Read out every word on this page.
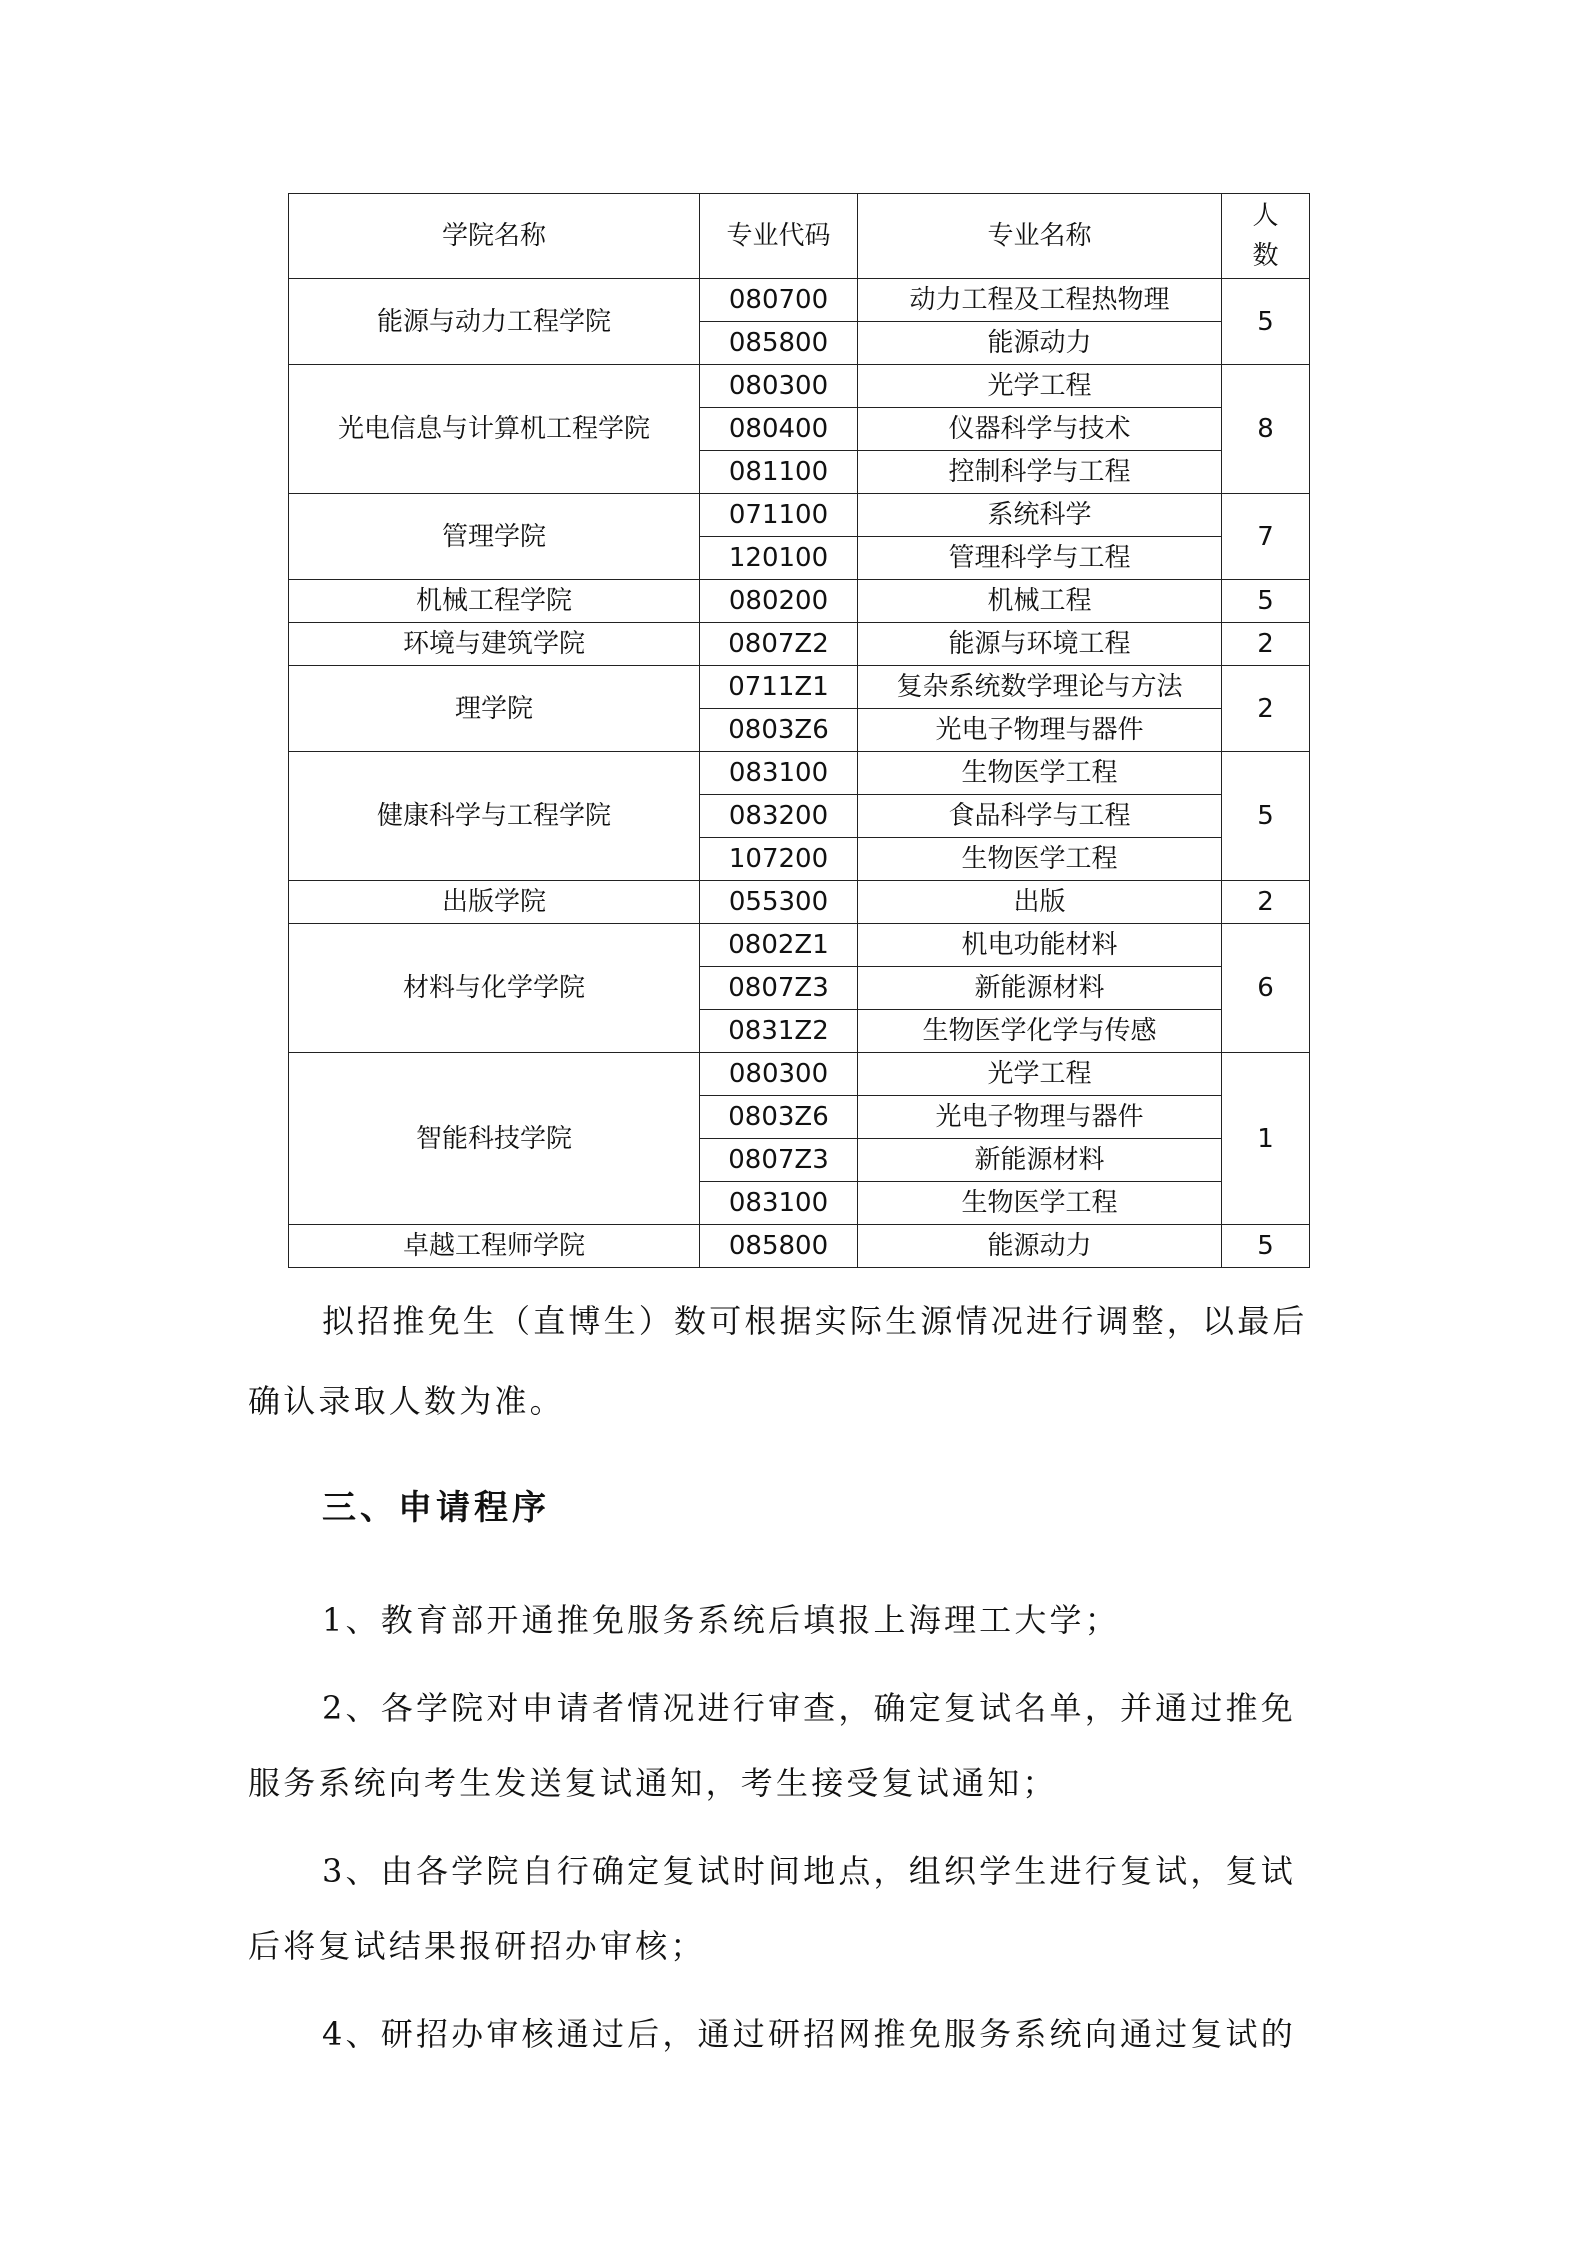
学院名称	专业代码	专业名称	人数
能源与动力工程学院	080700	动力工程及工程热物理	5
	085800	能源动力	
光电信息与计算机工程学院	080300	光学工程	8
	080400	仪器科学与技术	
	081100	控制科学与工程	
管理学院	071100	系统科学	7
	120100	管理科学与工程	
机械工程学院	080200	机械工程	5
环境与建筑学院	0807Z2	能源与环境工程	2
理学院	0711Z1	复杂系统数学理论与方法	2
	0803Z6	光电子物理与器件	
健康科学与工程学院	083100	生物医学工程	5
	083200	食品科学与工程	
	107200	生物医学工程	
出版学院	055300	出版	2
材料与化学学院	0802Z1	机电功能材料	6
	0807Z3	新能源材料	
	0831Z2	生物医学化学与传感	
智能科技学院	080300	光学工程	1
	0803Z6	光电子物理与器件	
	0807Z3	新能源材料	
	083100	生物医学工程	
卓越工程师学院	085800	能源动力	5
拟招推免生（直博生）数可根据实际生源情况进行调整，以最后
确认录取人数为准。
三、申请程序
1、教育部开通推免服务系统后填报上海理工大学；
2、各学院对申请者情况进行审查，确定复试名单，并通过推免
服务系统向考生发送复试通知，考生接受复试通知；
3、由各学院自行确定复试时间地点，组织学生进行复试，复试
后将复试结果报研招办审核；
4、研招办审核通过后，通过研招网推免服务系统向通过复试的
